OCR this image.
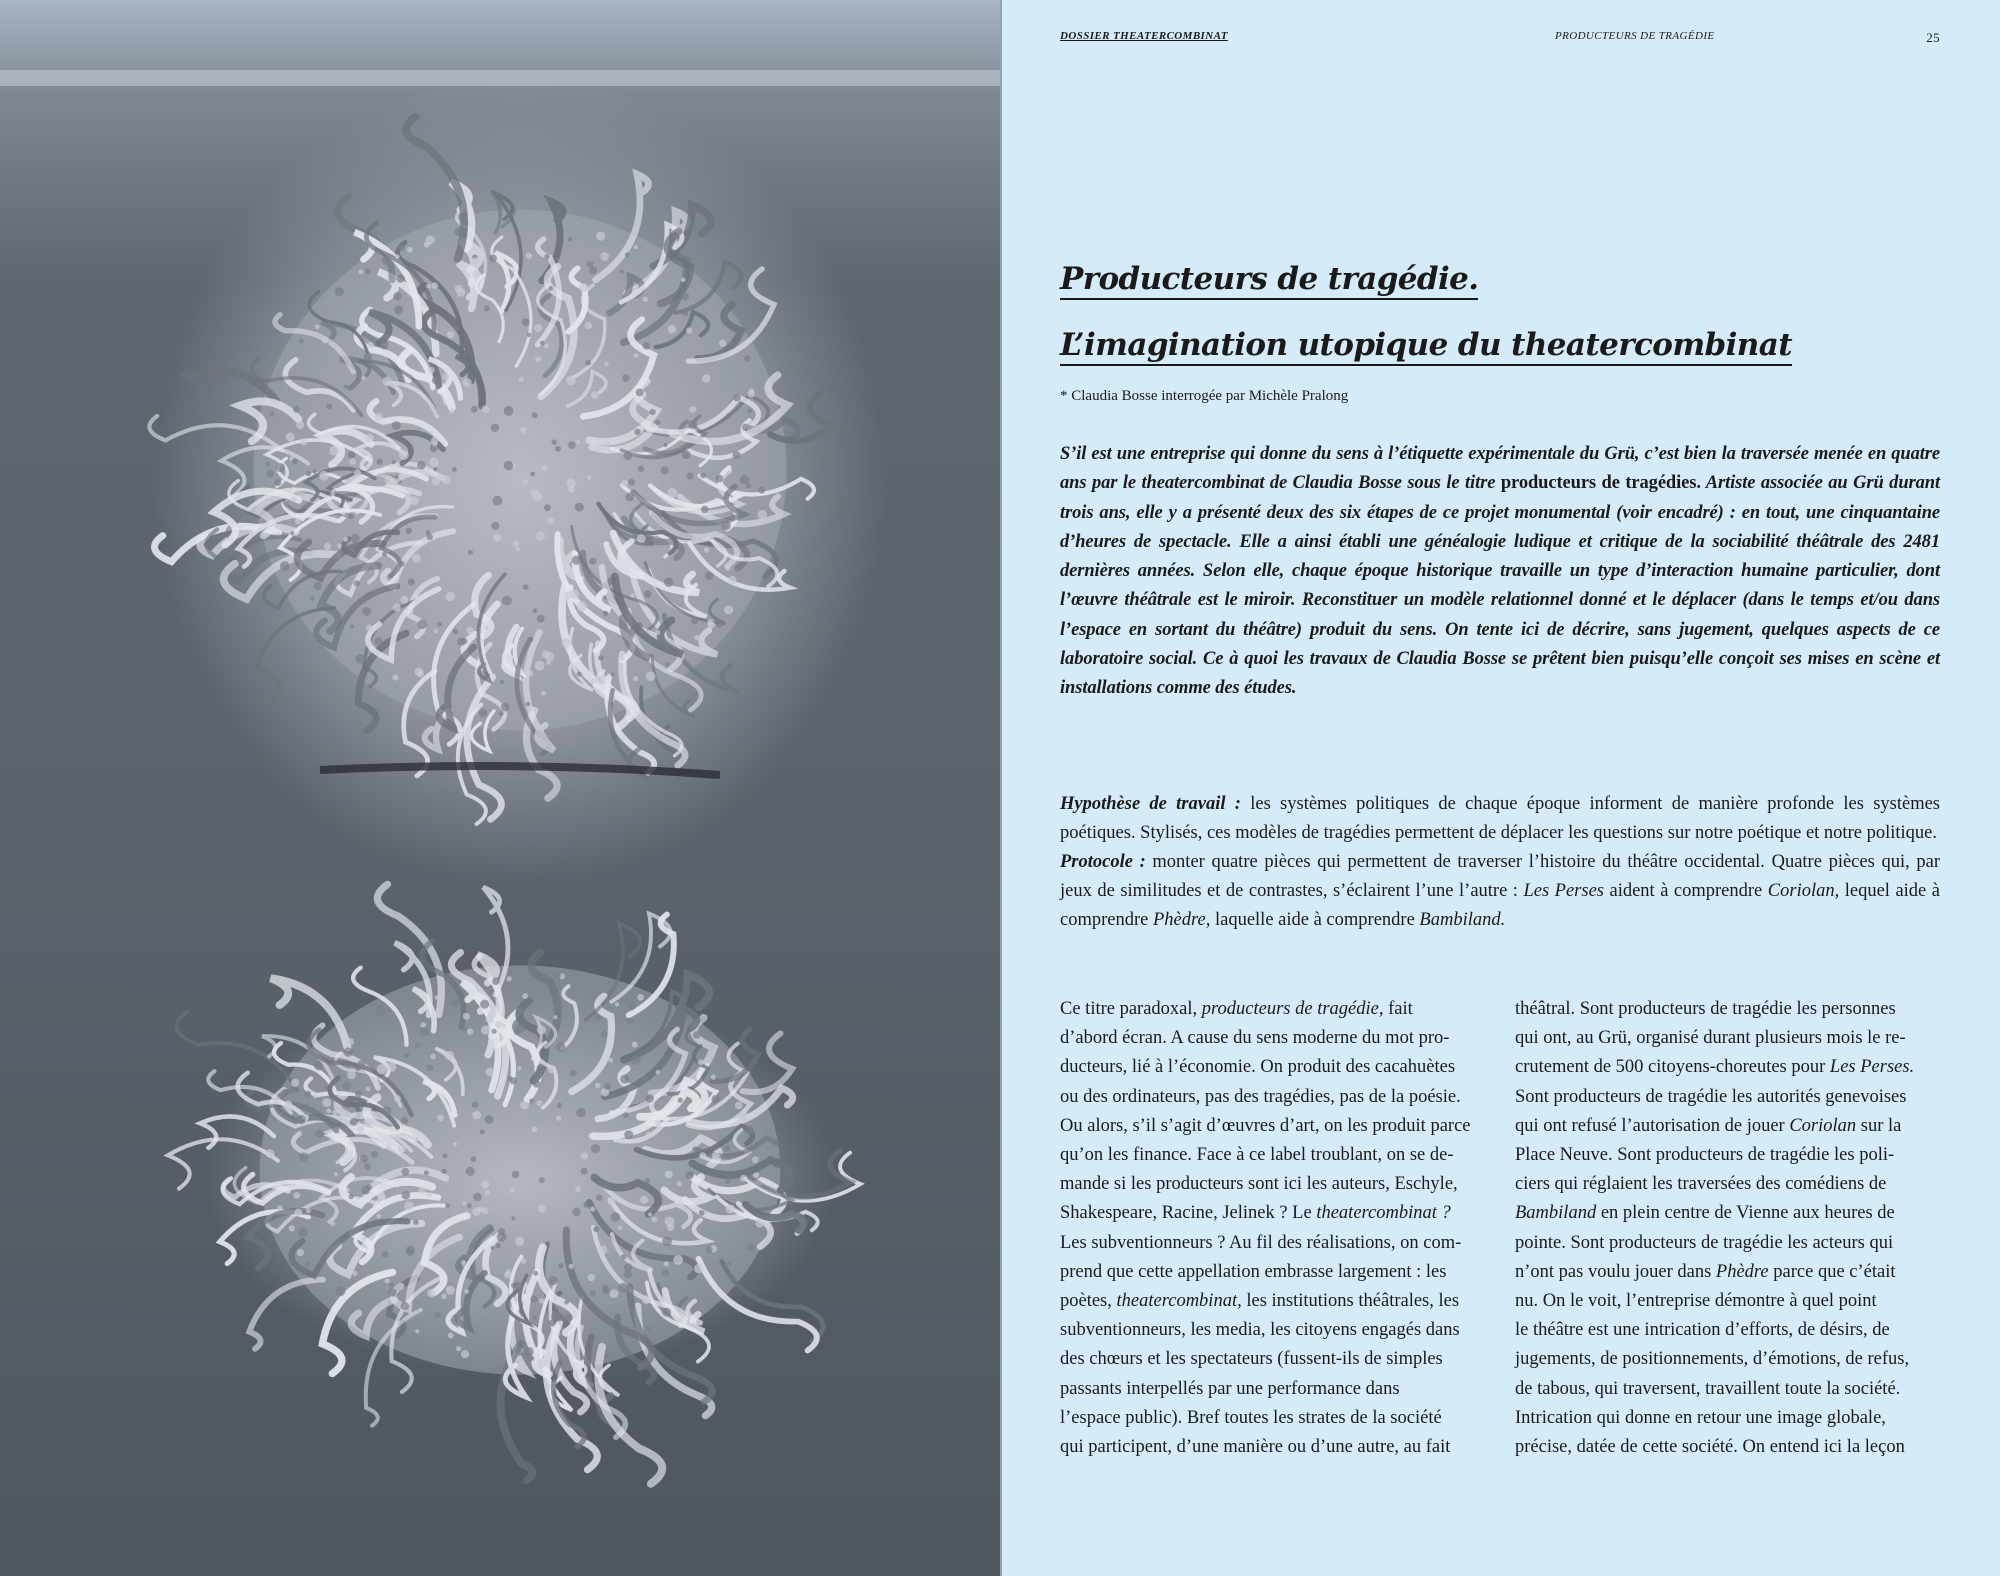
DOSSIER THEATERCOMBINAT	PRODUCTEURS DE TRAGÉDIE	25
Producteurs de tragédie.
L’imagination utopique du theatercombinat
* Claudia Bosse interrogée par Michèle Pralong
S’il est une entreprise qui donne du sens à l’étiquette expérimentale du Grü, c’est bien la traversée menée en quatre ans par le theatercombinat de Claudia Bosse sous le titre producteurs de tragédies. Artiste associée au Grü durant trois ans, elle y a présenté deux des six étapes de ce projet monumental (voir encadré) : en tout, une cinquantaine d’heures de spectacle. Elle a ainsi établi une généalogie ludique et critique de la sociabilité théâtrale des 2481 dernières années. Selon elle, chaque époque historique travaille un type d’interaction humaine particulier, dont l’œuvre théâtrale est le miroir. Reconstituer un modèle relationnel donné et le déplacer (dans le temps et/ou dans l’espace en sortant du théâtre) produit du sens. On tente ici de décrire, sans jugement, quelques aspects de ce laboratoire social. Ce à quoi les travaux de Claudia Bosse se prêtent bien puisqu’elle conçoit ses mises en scène et installations comme des études.

Hypothèse de travail : les systèmes politiques de chaque époque informent de manière profonde les systèmes poétiques. Stylisés, ces modèles de tragédies permettent de déplacer les questions sur notre poétique et notre politique.

Protocole : monter quatre pièces qui permettent de traverser l’histoire du théâtre occidental. Quatre pièces qui, par jeux de similitudes et de contrastes, s’éclairent l’une l’autre : Les Perses aident à comprendre Coriolan, lequel aide à comprendre Phèdre, laquelle aide à comprendre Bambiland.

Ce titre paradoxal, producteurs de tragédie, fait
d’abord écran. A cause du sens moderne du mot pro-
ducteurs, lié à l’économie. On produit des cacahuètes
ou des ordinateurs, pas des tragédies, pas de la poésie.
Ou alors, s’il s’agit d’œuvres d’art, on les produit parce
qu’on les finance. Face à ce label troublant, on se de-
mande si les producteurs sont ici les auteurs, Eschyle,
Shakespeare, Racine, Jelinek ? Le theatercombinat ?
Les subventionneurs ? Au fil des réalisations, on com-
prend que cette appellation embrasse largement : les
poètes, theatercombinat, les institutions théâtrales, les
subventionneurs, les media, les citoyens engagés dans
des chœurs et les spectateurs (fussent-ils de simples
passants interpellés par une performance dans
l’espace public). Bref toutes les strates de la société
qui participent, d’une manière ou d’une autre, au fait
théâtral. Sont producteurs de tragédie les personnes
qui ont, au Grü, organisé durant plusieurs mois le re-
crutement de 500 citoyens-choreutes pour Les Perses.
Sont producteurs de tragédie les autorités genevoises
qui ont refusé l’autorisation de jouer Coriolan sur la
Place Neuve. Sont producteurs de tragédie les poli-
ciers qui réglaient les traversées des comédiens de
Bambiland en plein centre de Vienne aux heures de
pointe. Sont producteurs de tragédie les acteurs qui
n’ont pas voulu jouer dans Phèdre parce que c’était
nu. On le voit, l’entreprise démontre à quel point
le théâtre est une intrication d’efforts, de désirs, de
jugements, de positionnements, d’émotions, de refus,
de tabous, qui traversent, travaillent toute la société.
Intrication qui donne en retour une image globale,
précise, datée de cette société. On entend ici la leçon
